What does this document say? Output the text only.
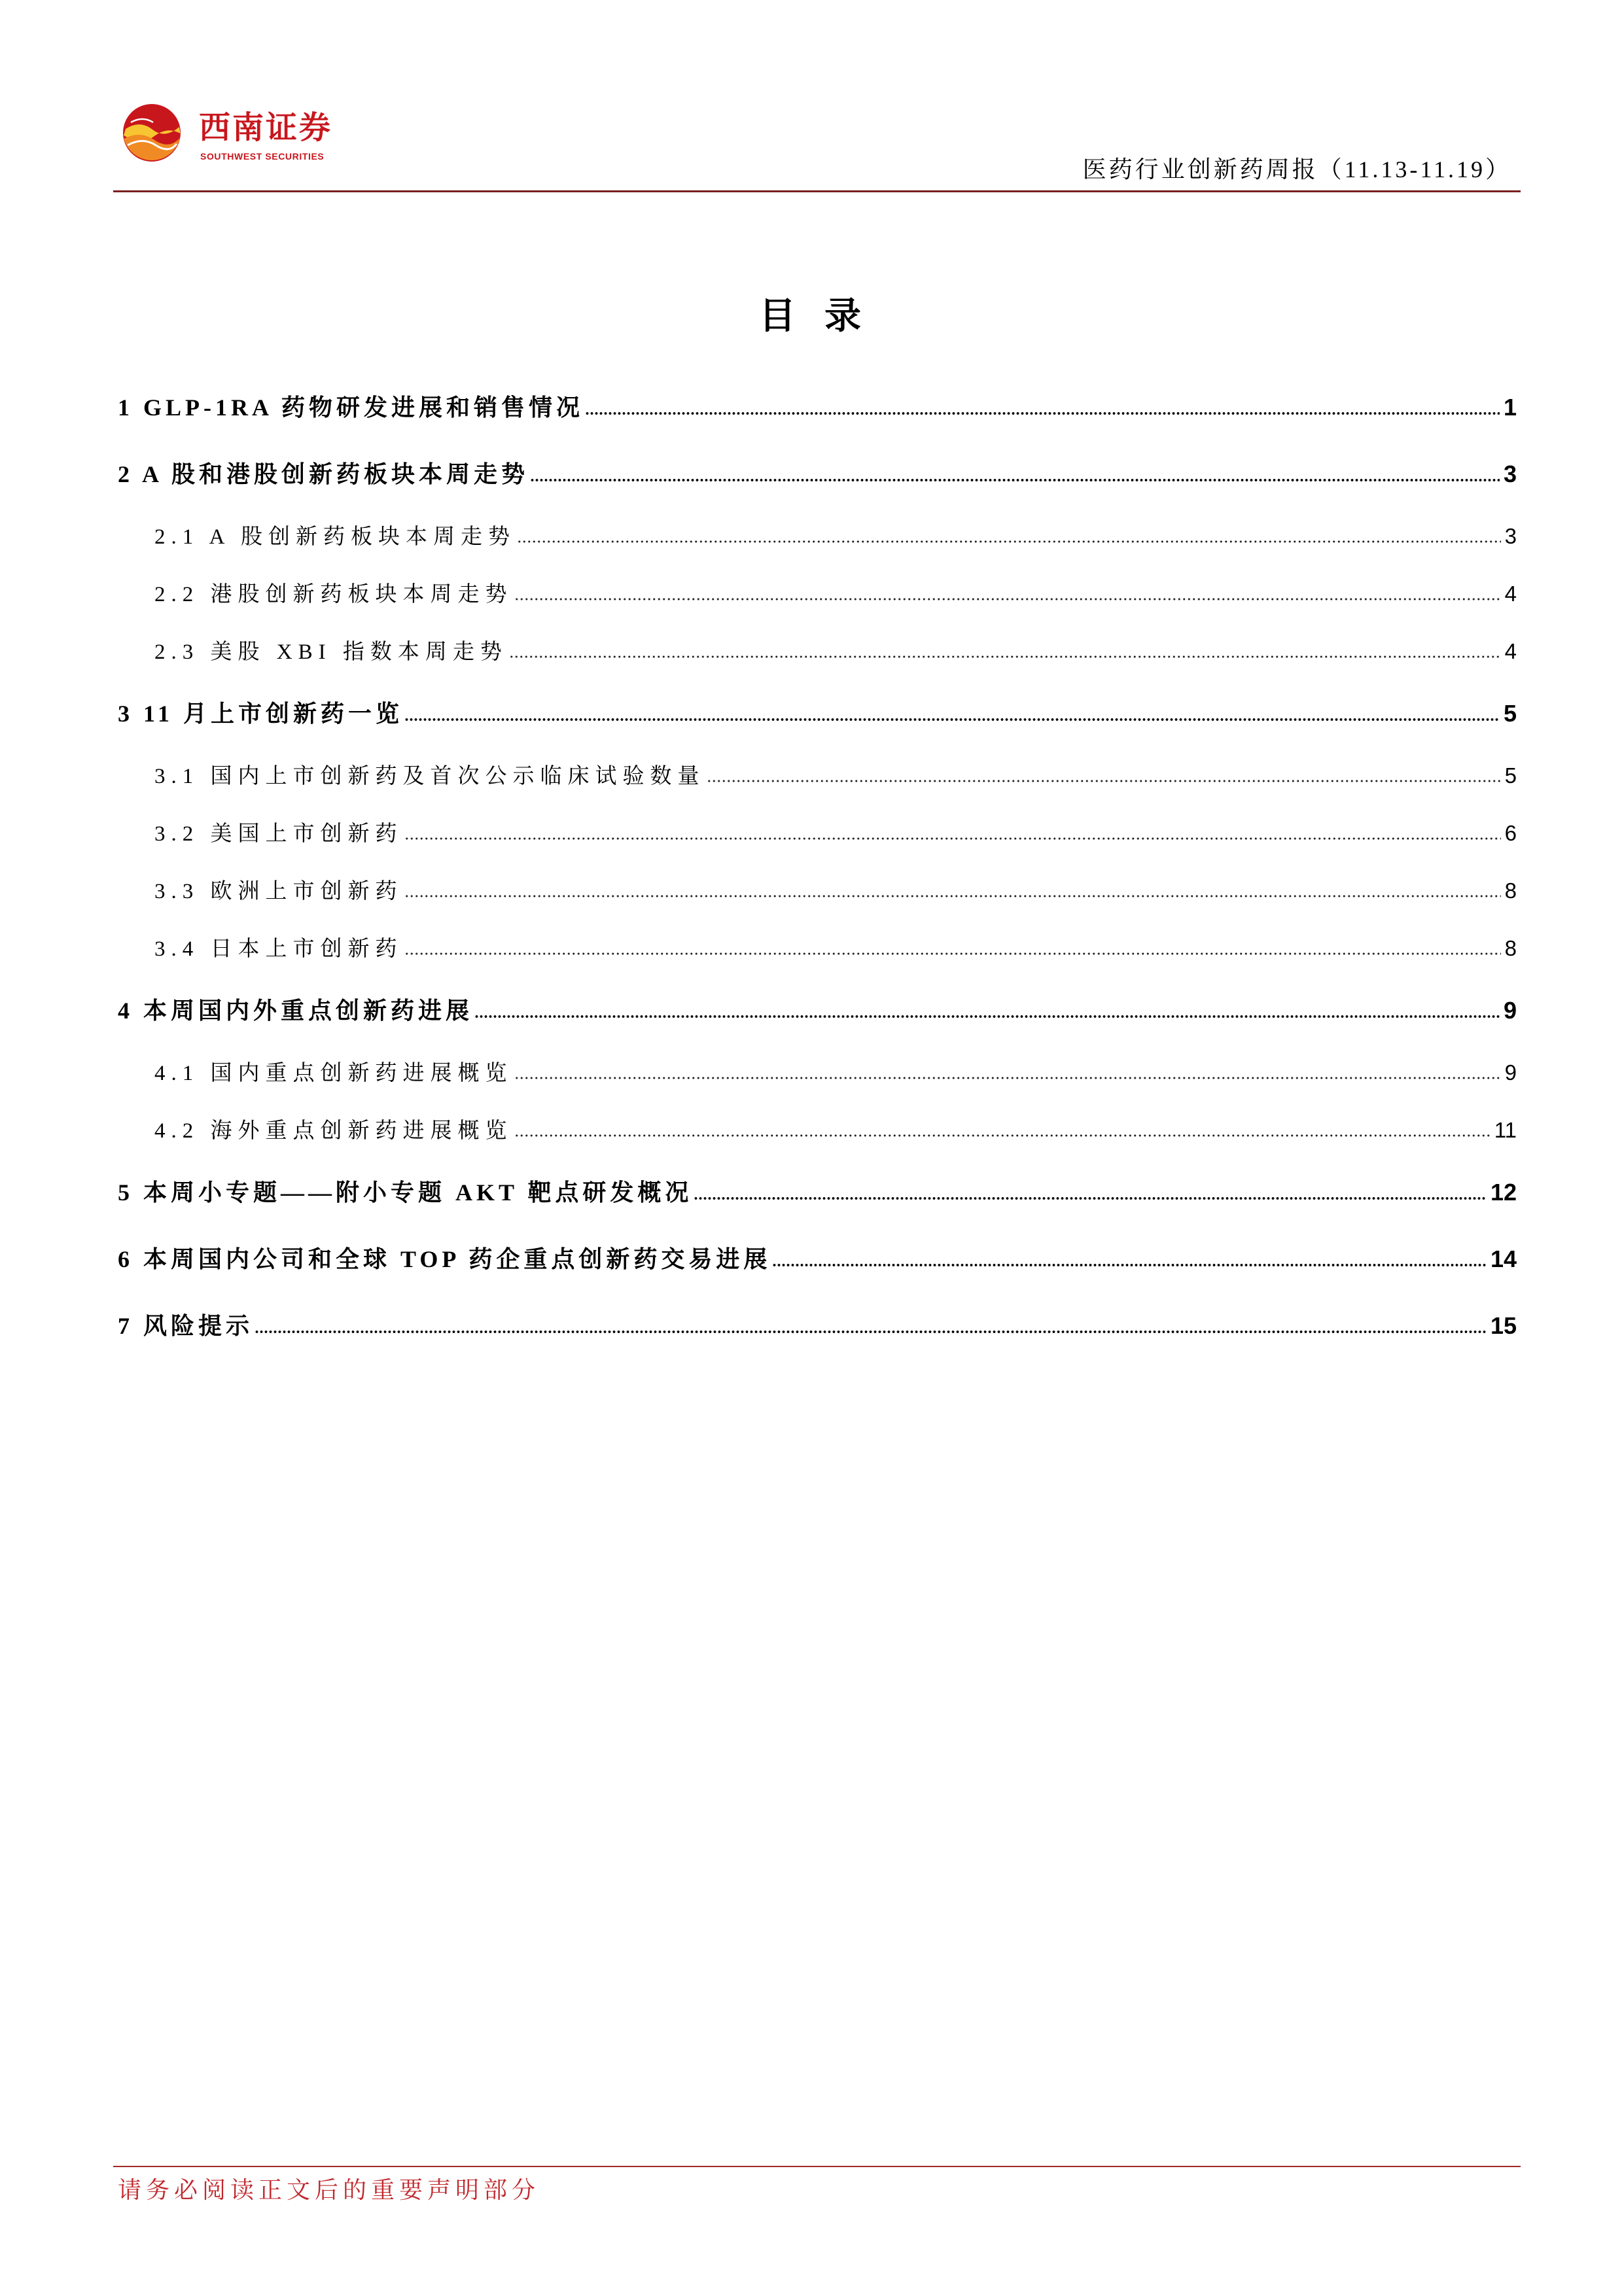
西南证券
SOUTHWEST SECURITIES	医药行业创新药周报（11.13-11.19）
目 录
1 GLP-1RA 药物研发进展和销售情况	1
2 A 股和港股创新药板块本周走势	3
2.1 A 股创新药板块本周走势	3
2.2 港股创新药板块本周走势	4
2.3 美股 XBI 指数本周走势	4
3 11 月上市创新药一览	5
3.1 国内上市创新药及首次公示临床试验数量	5
3.2 美国上市创新药	6
3.3 欧洲上市创新药	8
3.4 日本上市创新药	8
4 本周国内外重点创新药进展	9
4.1 国内重点创新药进展概览	9
4.2 海外重点创新药进展概览	11
5 本周小专题——附小专题 AKT 靶点研发概况	12
6 本周国内公司和全球 TOP 药企重点创新药交易进展	14
7 风险提示	15
请务必阅读正文后的重要声明部分
